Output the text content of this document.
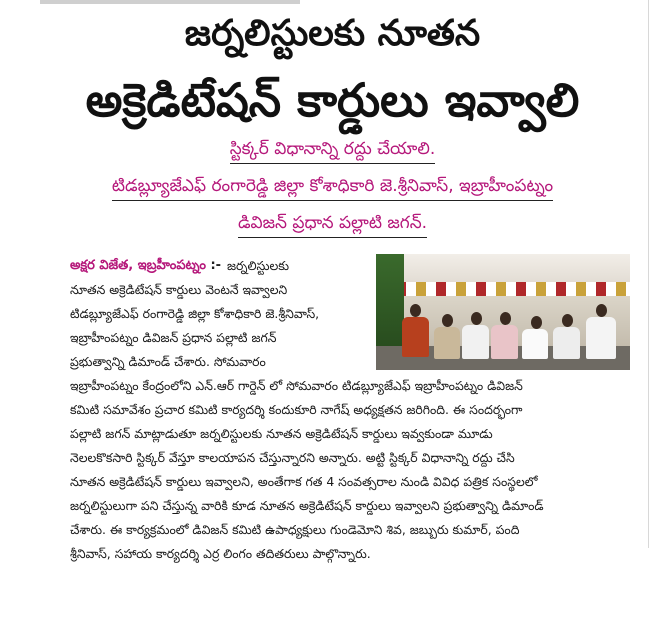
జర్నలిస్టులకు నూతన
అక్రెడిటేషన్ కార్డులు ఇవ్వాలి
స్టిక్కర్ విధానాన్ని రద్దు చేయాలి.
టిడబ్ల్యూజేఎఫ్ రంగారెడ్డి జిల్లా కోశాధికారి జె.శ్రీనివాస్, ఇబ్రాహీంపట్నం
డివిజన్ ప్రధాన పల్లాటి జగన్.
అక్షర విజేత, ఇబ్రహీంపట్నం :- జర్నలిస్టులకు
నూతన అక్రెడిటేషన్ కార్డులు వెంటనే ఇవ్వాలని
టిడబ్ల్యూజేఎఫ్ రంగారెడ్డి జిల్లా కోశాధికారి జె.శ్రీనివాస్,
ఇబ్రాహీంపట్నం డివిజన్ ప్రధాన పల్లాటి జగన్
ప్రభుత్వాన్ని డిమాండ్ చేశారు. సోమవారం
ఇబ్రాహీంపట్నం కేంద్రంలోని ఎన్.ఆర్ గార్డెన్ లో సోమవారం టిడబ్ల్యూజేఎఫ్ ఇబ్రాహీంపట్నం డివిజన్
కమిటి సమావేశం ప్రచార కమిటి కార్యదర్శి కందుకూరి నాగేష్ అధ్యక్షతన జరిగింది. ఈ సందర్భంగా
పల్లాటి జగన్ మాట్లాడుతూ జర్నలిస్టులకు నూతన అక్రెడిటేషన్ కార్డులు ఇవ్వకుండా మూడు
నెలలకొకసారి స్టిక్కర్ వేస్తూ కాలయాపన చేస్తున్నారని అన్నారు. అట్టి స్టిక్కర్ విధానాన్ని రద్దు చేసి
నూతన అక్రెడిటేషన్ కార్డులు ఇవ్వాలని, అంతేగాక గత 4 సంవత్సరాల నుండి వివిధ పత్రిక సంస్థలలో
జర్నలిస్టులుగా పని చేస్తున్న వారికి కూడ నూతన అక్రెడిటేషన్ కార్డులు ఇవ్వాలని ప్రభుత్వాన్ని డిమాండ్
చేశారు. ఈ కార్యక్రమంలో డివిజన్ కమిటి ఉపాధ్యక్షులు గుండెమోని శివ, జబ్బురు కుమార్, పంది
శ్రీనివాస్, సహాయ కార్యదర్శి ఎర్ర లింగం తదితరులు పాల్గొన్నారు.
